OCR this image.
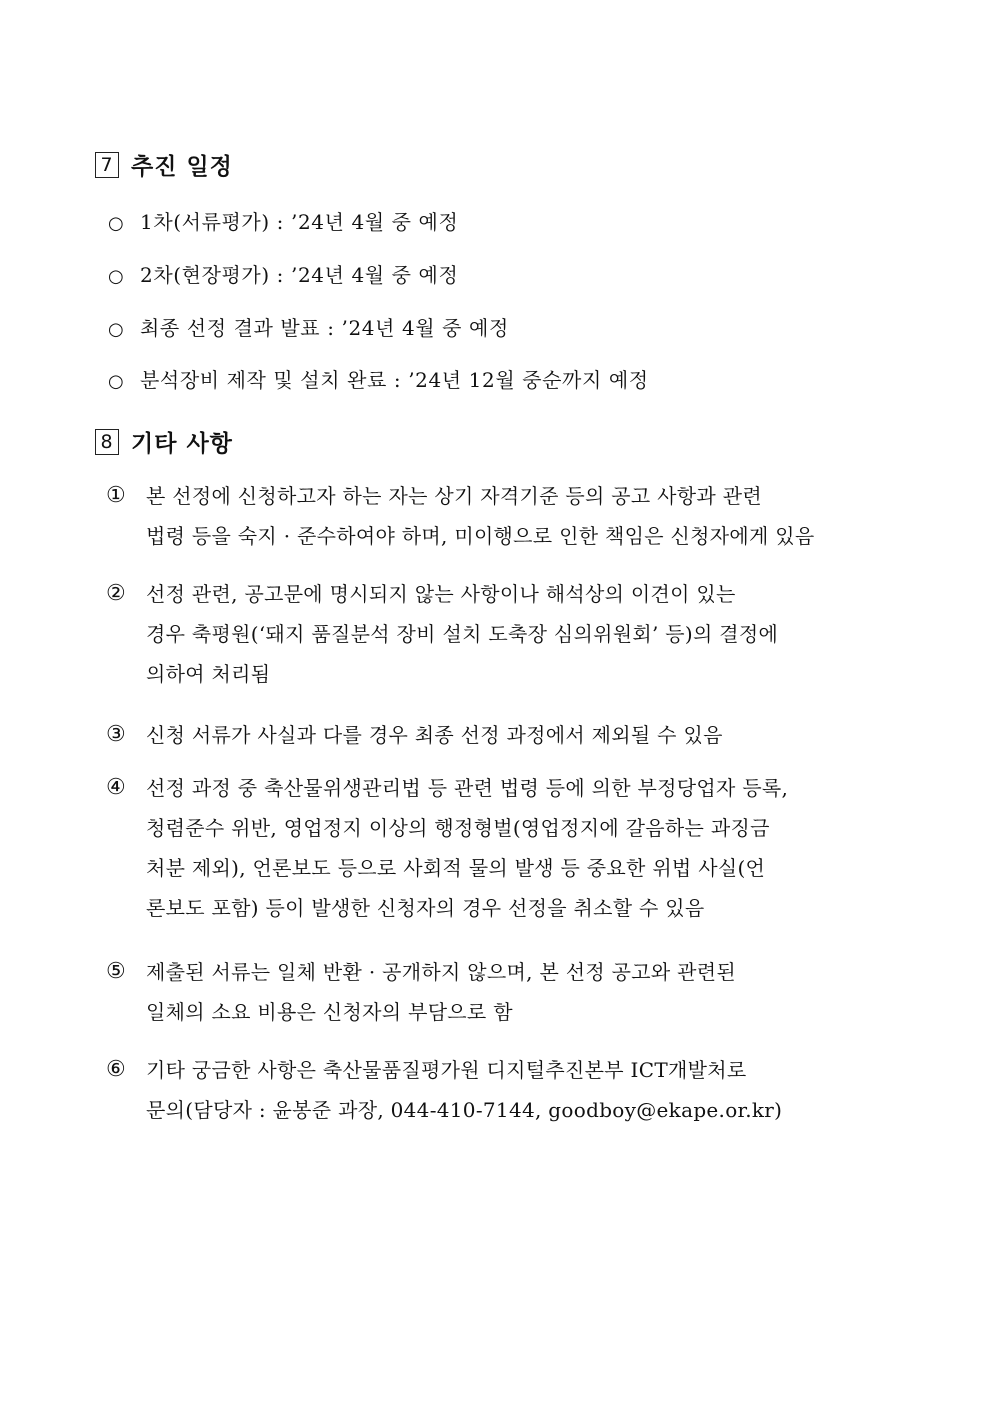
7 추진 일정
○ 1차(서류평가) : ’24년 4월 중 예정
○ 2차(현장평가) : ’24년 4월 중 예정
○ 최종 선정 결과 발표 : ’24년 4월 중 예정
○ 분석장비 제작 및 설치 완료 : ’24년 12월 중순까지 예정
8 기타 사항
① 본 선정에 신청하고자 하는 자는 상기 자격기준 등의 공고 사항과 관련
법령 등을 숙지 · 준수하여야 하며, 미이행으로 인한 책임은 신청자에게 있음
② 선정 관련, 공고문에 명시되지 않는 사항이나 해석상의 이견이 있는
경우 축평원(‘돼지 품질분석 장비 설치 도축장 심의위원회’ 등)의 결정에
의하여 처리됨
③ 신청 서류가 사실과 다를 경우 최종 선정 과정에서 제외될 수 있음
④ 선정 과정 중 축산물위생관리법 등 관련 법령 등에 의한 부정당업자 등록,
청렴준수 위반, 영업정지 이상의 행정형벌(영업정지에 갈음하는 과징금
처분 제외), 언론보도 등으로 사회적 물의 발생 등 중요한 위법 사실(언
론보도 포함) 등이 발생한 신청자의 경우 선정을 취소할 수 있음
⑤ 제출된 서류는 일체 반환 · 공개하지 않으며, 본 선정 공고와 관련된
일체의 소요 비용은 신청자의 부담으로 함
⑥ 기타 궁금한 사항은 축산물품질평가원 디지털추진본부 ICT개발처로
문의(담당자 : 윤봉준 과장, 044-410-7144, goodboy@ekape.or.kr)
